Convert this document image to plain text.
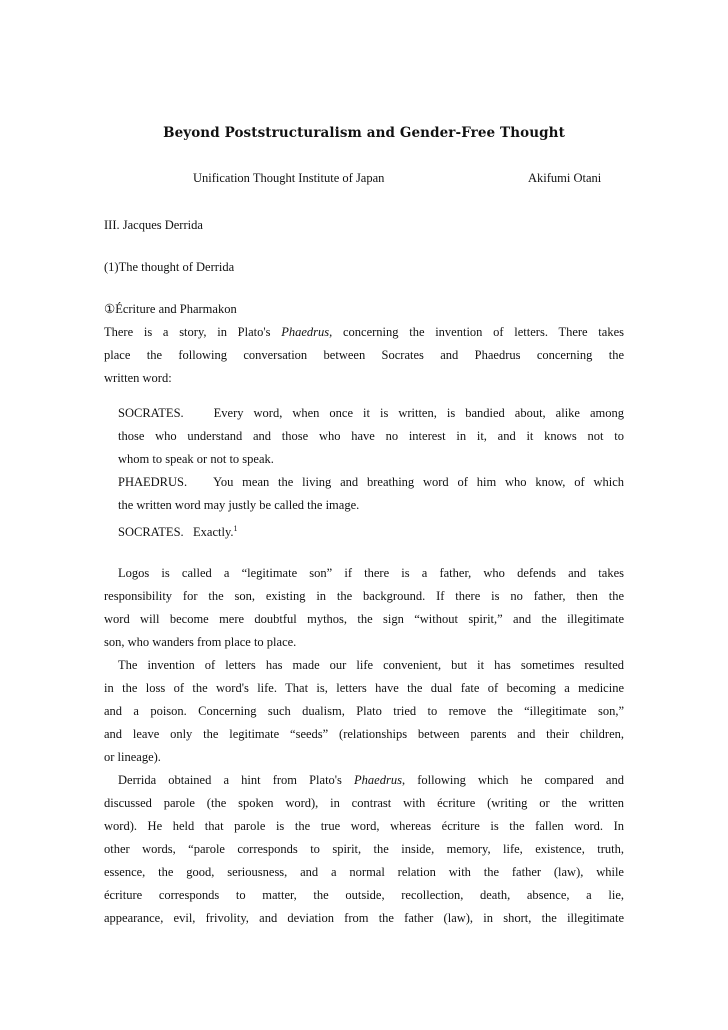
Beyond Poststructuralism and Gender-Free Thought
Unification Thought Institute of Japan	Akifumi Otani
III. Jacques Derrida
(1)The thought of Derrida
①Écriture and Pharmakon
There is a story, in Plato's Phaedrus, concerning the invention of letters. There takes
place the following conversation between Socrates and Phaedrus concerning the
written word:
SOCRATES.   Every word, when once it is written, is bandied about, alike among
those who understand and those who have no interest in it, and it knows not to
whom to speak or not to speak.
PHAEDRUS.   You mean the living and breathing word of him who know, of which
the written word may justly be called the image.
SOCRATES.   Exactly.$^1$
Logos is called a “legitimate son” if there is a father, who defends and takes
responsibility for the son, existing in the background. If there is no father, then the
word will become mere doubtful mythos, the sign “without spirit,” and the illegitimate
son, who wanders from place to place.
The invention of letters has made our life convenient, but it has sometimes resulted
in the loss of the word's life. That is, letters have the dual fate of becoming a medicine
and a poison. Concerning such dualism, Plato tried to remove the “illegitimate son,”
and leave only the legitimate “seeds” (relationships between parents and their children,
or lineage).
Derrida obtained a hint from Plato's Phaedrus, following which he compared and
discussed parole (the spoken word), in contrast with écriture (writing or the written
word). He held that parole is the true word, whereas écriture is the fallen word. In
other words, “parole corresponds to spirit, the inside, memory, life, existence, truth,
essence, the good, seriousness, and a normal relation with the father (law), while
écriture corresponds to matter, the outside, recollection, death, absence, a lie,
appearance, evil, frivolity, and deviation from the father (law), in short, the illegitimate
